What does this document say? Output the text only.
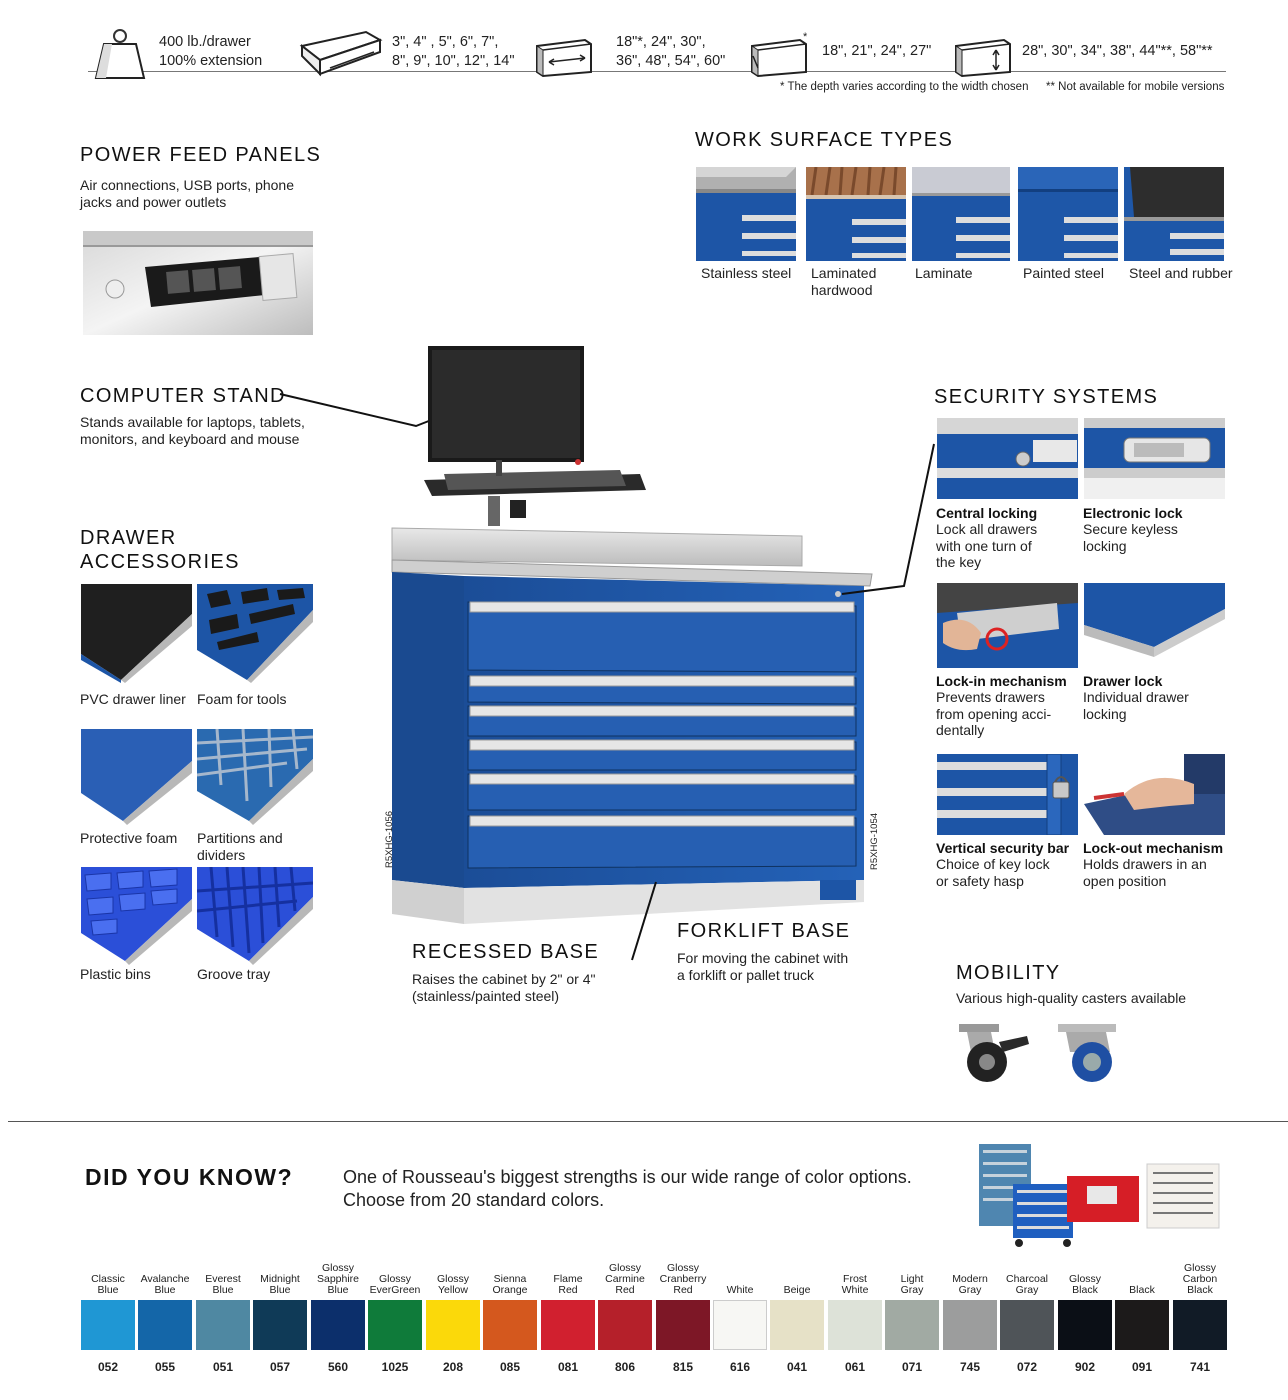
400 lb./drawer
100% extension
3", 4" , 5", 6", 7",
8", 9", 10", 12", 14"
18"*, 24", 30",
36", 48", 54", 60"
*
18", 21", 24", 27"	28", 30", 34", 38", 44"**, 58"**
* The depth varies according to the width chosen ** Not available for mobile versions
POWER FEED PANELS
Air connections, USB ports, phone
jacks and power outlets
WORK SURFACE TYPES
Stainless steel Laminated
hardwood
Laminate	Painted steel Steel and rubber
COMPUTER STAND
Stands available for laptops, tablets,
monitors, and keyboard and mouse
DRAWER
ACCESSORIES
PVC drawer liner Foam for tools
Protective foam Partitions and
dividers
Plastic bins	Groove tray
R5XHG-1056	R5XHG-1054
SECURITY SYSTEMS
Central locking
Lock all drawers
with one turn of
the key
Electronic lock
Secure keyless
locking
Lock-in mechanism
Prevents drawers
from opening acci-
dentally
Drawer lock
Individual drawer
locking
Vertical security bar
Choice of key lock
or safety hasp
Lock-out mechanism
Holds drawers in an
open position
RECESSED BASE
Raises the cabinet by 2" or 4"
(stainless/painted steel)
FORKLIFT BASE
For moving the cabinet with
a forklift or pallet truck	MOBILITY
Various high-quality casters available
DID YOU KNOW?	One of Rousseau's biggest strengths is our wide range of color options.
Choose from 20 standard colors.
Classic
Blue
052
Avalanche
Blue
055
Everest
Blue
051
Midnight
Blue
057
Glossy
Sapphire
Blue
560
Glossy
EverGreen
1025
Glossy
Yellow
208
Sienna
Orange
085
Flame
Red
081
Glossy
Carmine
Red
806
Glossy
Cranberry
Red
815
White
616
Beige
041
Frost
White
061
Light
Gray
071
Modern
Gray
745
Charcoal
Gray
072
Glossy
Black
902
Black
091
Glossy
Carbon
Black
741
